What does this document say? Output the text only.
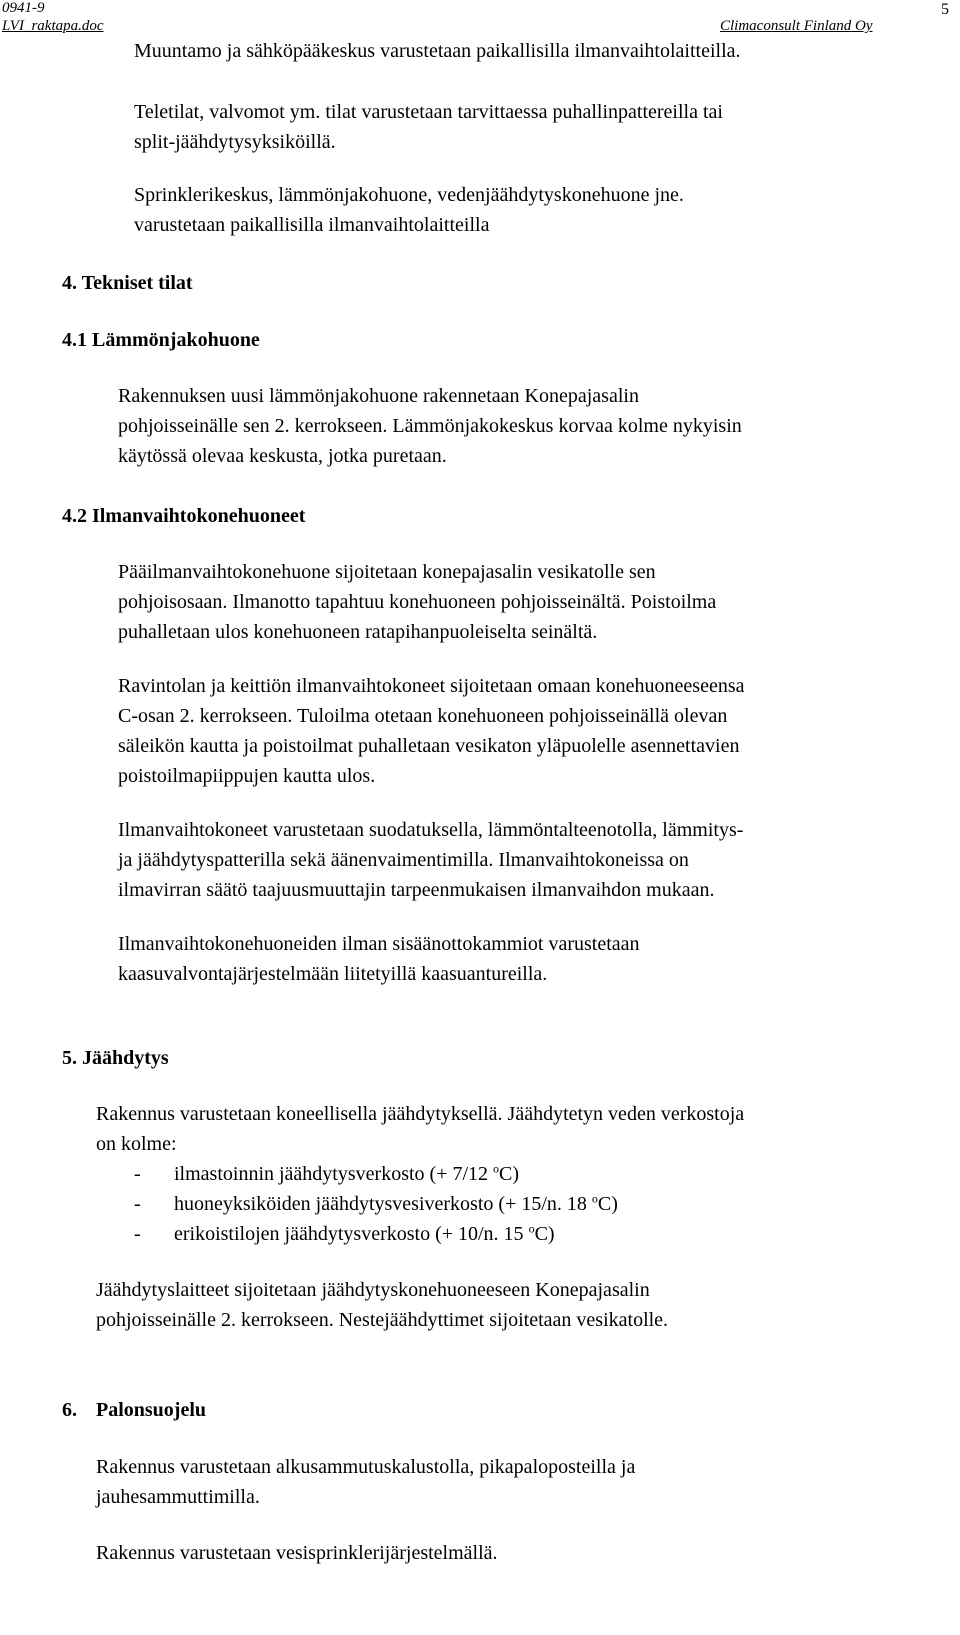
0941-9
LVI_raktapa.doc	Climaconsult Finland Oy
5
Muuntamo ja sähköpääkeskus varustetaan paikallisilla ilmanvaihtolaitteilla.
Teletilat, valvomot ym. tilat varustetaan tarvittaessa puhallinpattereilla tai
split-jäähdytysyksiköillä.
Sprinklerikeskus, lämmönjakohuone, vedenjäähdytyskonehuone jne.
varustetaan paikallisilla ilmanvaihtolaitteilla
4. Tekniset tilat
4.1 Lämmönjakohuone
Rakennuksen uusi lämmönjakohuone rakennetaan Konepajasalin
pohjoisseinälle sen 2. kerrokseen. Lämmönjakokeskus korvaa kolme nykyisin
käytössä olevaa keskusta, jotka puretaan.
4.2 Ilmanvaihtokonehuoneet
Pääilmanvaihtokonehuone sijoitetaan konepajasalin vesikatolle sen
pohjoisosaan. Ilmanotto tapahtuu konehuoneen pohjoisseinältä. Poistoilma
puhalletaan ulos konehuoneen ratapihanpuoleiselta seinältä.
Ravintolan ja keittiön ilmanvaihtokoneet sijoitetaan omaan konehuoneeseensa
C-osan 2. kerrokseen. Tuloilma otetaan konehuoneen pohjoisseinällä olevan
säleikön kautta ja poistoilmat puhalletaan vesikaton yläpuolelle asennettavien
poistoilmapiippujen kautta ulos.
Ilmanvaihtokoneet varustetaan suodatuksella, lämmöntalteenotolla, lämmitys-
ja jäähdytyspatterilla sekä äänenvaimentimilla. Ilmanvaihtokoneissa on
ilmavirran säätö taajuusmuuttajin tarpeenmukaisen ilmanvaihdon mukaan.
Ilmanvaihtokonehuoneiden ilman sisäänottokammiot varustetaan
kaasuvalvontajärjestelmään liitetyillä kaasuantureilla.
5. Jäähdytys
Rakennus varustetaan koneellisella jäähdytyksellä. Jäähdytetyn veden verkostoja
on kolme:
- ilmastoinnin jäähdytysverkosto (+ 7/12 $^o$C)
- huoneyksiköiden jäähdytysvesiverkosto (+ 15/n. 18 $^o$C)
- erikoistilojen jäähdytysverkosto (+ 10/n. 15 $^o$C)
Jäähdytyslaitteet sijoitetaan jäähdytyskonehuoneeseen Konepajasalin
pohjoisseinälle 2. kerrokseen. Nestejäähdyttimet sijoitetaan vesikatolle.
6. Palonsuojelu
Rakennus varustetaan alkusammutuskalustolla, pikapaloposteilla ja
jauhesammuttimilla.
Rakennus varustetaan vesisprinklerijärjestelmällä.
